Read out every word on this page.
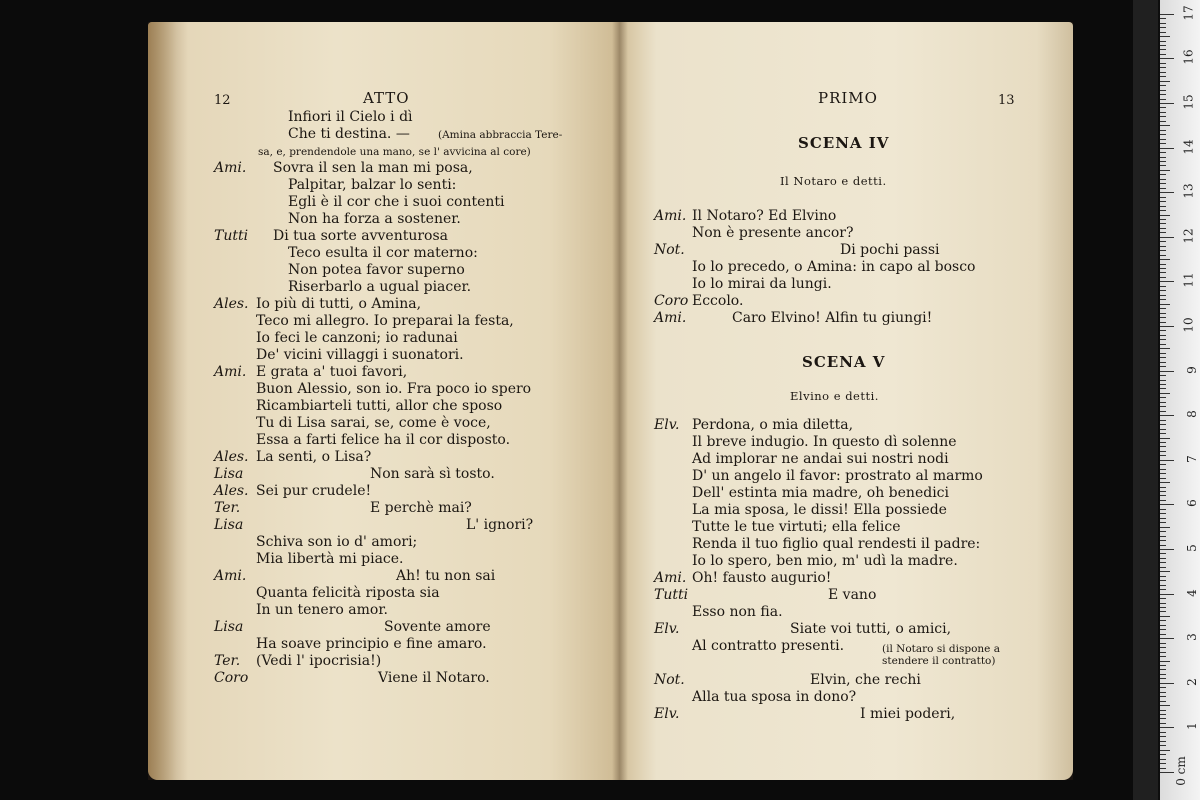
12	ATTO
Infiori il Cielo i dì
Che ti destina. —	(Amina abbraccia Tere-
sa, e, prendendole una mano, se l' avvicina al core)
Ami. Sovra il sen la man mi posa,
Palpitar, balzar lo senti:
Egli è il cor che i suoi contenti
Non ha forza a sostener.
Tutti Di tua sorte avventurosa
Teco esulta il cor materno:
Non potea favor superno
Riserbarlo a ugual piacer.
Ales. Io più di tutti, o Amina,
Teco mi allegro. Io preparai la festa,
Io feci le canzoni; io radunai
De' vicini villaggi i suonatori.
Ami. E grata a' tuoi favori,
Buon Alessio, son io. Fra poco io spero
Ricambiarteli tutti, allor che sposo
Tu di Lisa sarai, se, come è voce,
Essa a farti felice ha il cor disposto.
Ales. La senti, o Lisa?
Lisa	Non sarà sì tosto.
Ales. Sei pur crudele!
Ter.	E perchè mai?
Lisa	L' ignori?
Schiva son io d' amori;
Mia libertà mi piace.
Ami.	Ah! tu non sai
Quanta felicità riposta sia
In un tenero amor.
Lisa	Sovente amore
Ha soave principio e fine amaro.
Ter. (Vedi l' ipocrisia!)
Coro	Viene il Notaro.
PRIMO	13
SCENA IV
Il Notaro e detti.
SCENA V
Elvino e detti.
Ami. Il Notaro? Ed Elvino
Non è presente ancor?
Not.	Di pochi passi
Io lo precedo, o Amina: in capo al bosco
Io lo mirai da lungi.
Coro Eccolo.
Ami.	Caro Elvino! Alfin tu giungi!
Elv. Perdona, o mia diletta,
Il breve indugio. In questo dì solenne
Ad implorar ne andai sui nostri nodi
D' un angelo il favor: prostrato al marmo
Dell' estinta mia madre, oh benedici
La mia sposa, le dissi! Ella possiede
Tutte le tue virtuti; ella felice
Renda il tuo figlio qual rendesti il padre:
Io lo spero, ben mio, m' udì la madre.
Ami. Oh! fausto augurio!
Tutti	E vano
Esso non fia.
Elv.	Siate voi tutti, o amici,
Al contratto presenti.	(il Notaro si dispone a
stendere il contratto)
Not.	Elvin, che rechi
Alla tua sposa in dono?
Elv.	I miei poderi,
0 cm
1
2
3
4
5
6
7
8
9
10
11
12
13
14
15
16
17
